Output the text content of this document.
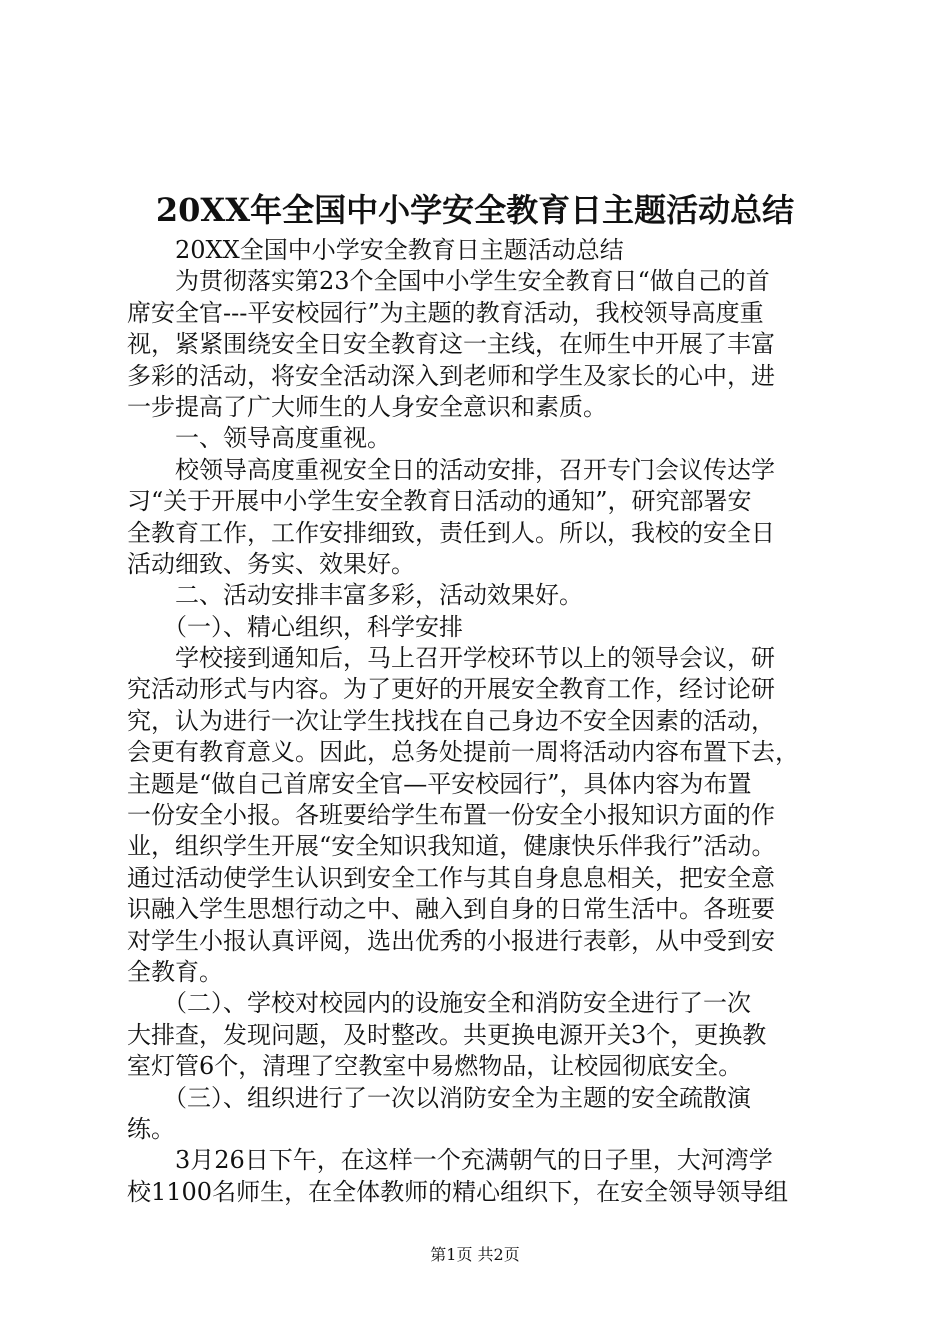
20XX年全国中小学安全教育日主题活动总结
　　20XX全国中小学安全教育日主题活动总结
　　为贯彻落实第23个全国中小学生安全教育日“做自己的首
席安全官---平安校园行”为主题的教育活动，我校领导高度重
视，紧紧围绕安全日安全教育这一主线，在师生中开展了丰富
多彩的活动，将安全活动深入到老师和学生及家长的心中，进
一步提高了广大师生的人身安全意识和素质。
　　一、领导高度重视。
　　校领导高度重视安全日的活动安排，召开专门会议传达学
习“关于开展中小学生安全教育日活动的通知”，研究部署安
全教育工作，工作安排细致，责任到人。所以，我校的安全日
活动细致、务实、效果好。
　　二、活动安排丰富多彩，活动效果好。
　　（一）、精心组织，科学安排
　　学校接到通知后，马上召开学校环节以上的领导会议，研
究活动形式与内容。为了更好的开展安全教育工作，经讨论研
究，认为进行一次让学生找找在自己身边不安全因素的活动，
会更有教育意义。因此，总务处提前一周将活动内容布置下去，
主题是“做自己首席安全官—平安校园行”，具体内容为布置
一份安全小报。各班要给学生布置一份安全小报知识方面的作
业，组织学生开展“安全知识我知道，健康快乐伴我行”活动。
通过活动使学生认识到安全工作与其自身息息相关，把安全意
识融入学生思想行动之中、融入到自身的日常生活中。各班要
对学生小报认真评阅，选出优秀的小报进行表彰，从中受到安
全教育。
　　（二）、学校对校园内的设施安全和消防安全进行了一次
大排查，发现问题，及时整改。共更换电源开关3个，更换教
室灯管6个，清理了空教室中易燃物品，让校园彻底安全。
　　（三）、组织进行了一次以消防安全为主题的安全疏散演
练。
　　3月26日下午，在这样一个充满朝气的日子里，大河湾学
校1100名师生，在全体教师的精心组织下，在安全领导领导组
第1页 共2页
